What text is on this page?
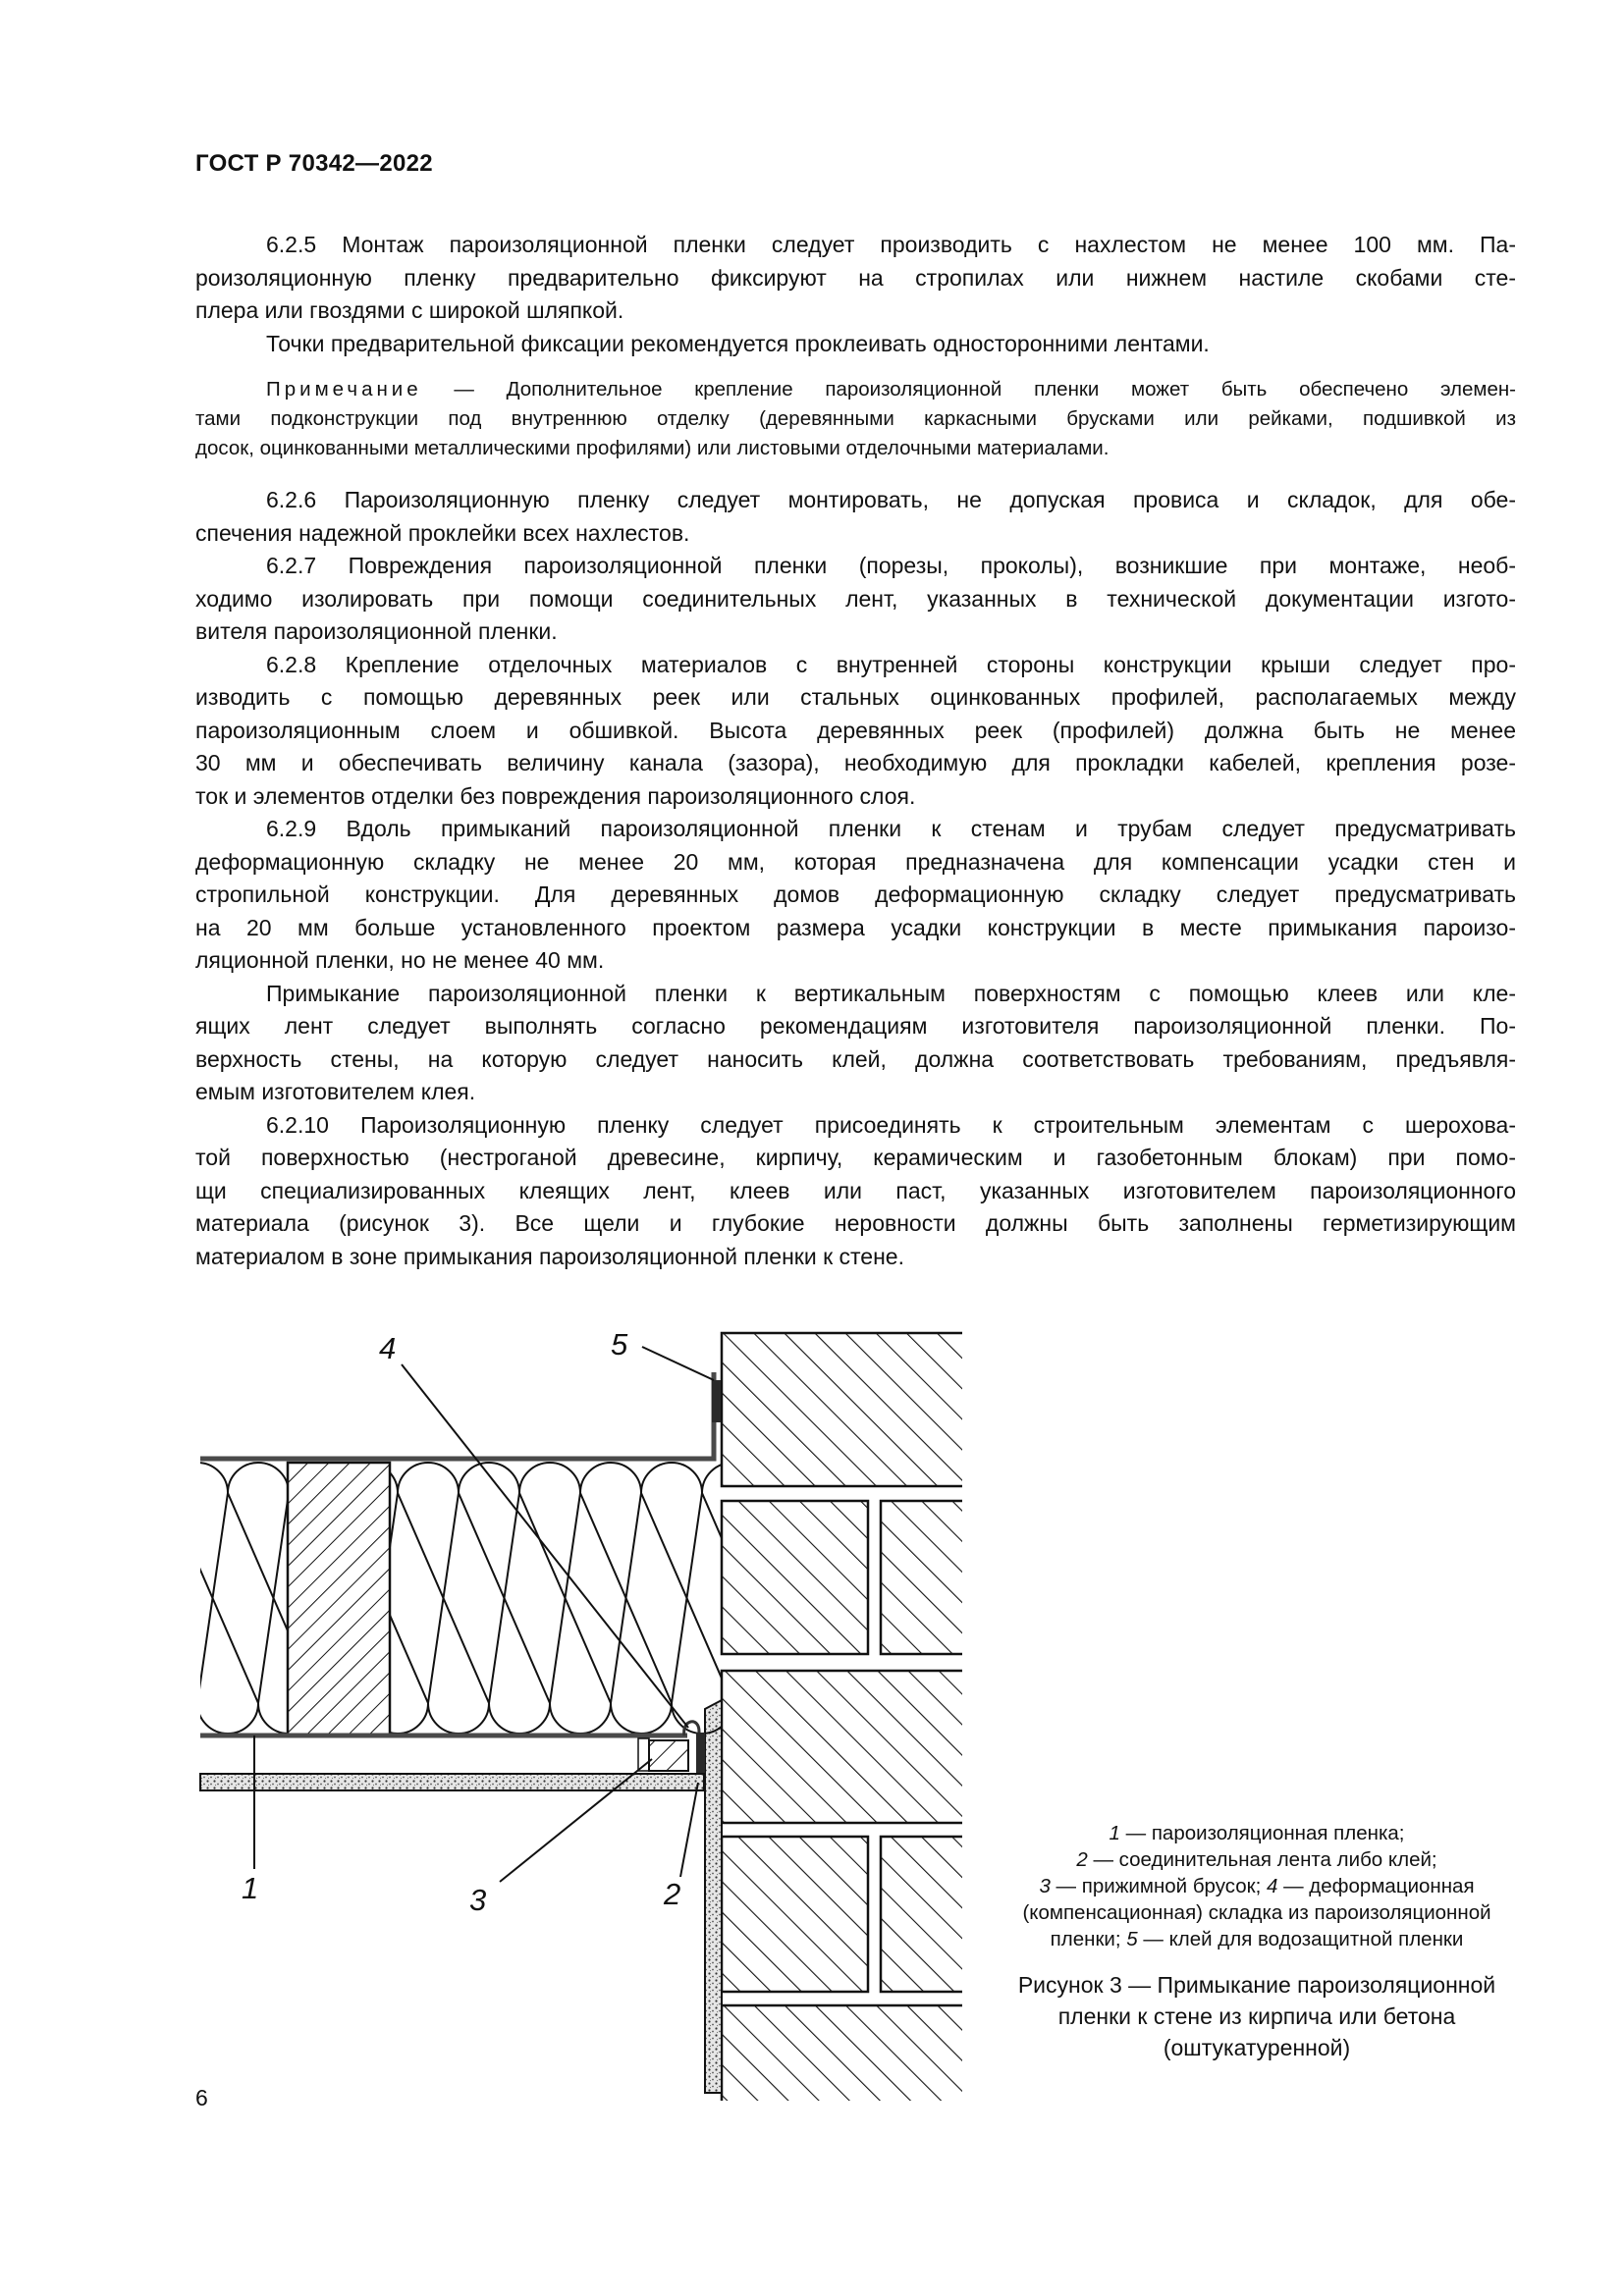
ГОСТ Р 70342—2022
6.2.5 Монтаж пароизоляционной пленки следует производить с нахлестом не менее 100 мм. Па-
роизоляционную пленку предварительно фиксируют на стропилах или нижнем настиле скобами сте-
плера или гвоздями с широкой шляпкой.
Точки предварительной фиксации рекомендуется проклеивать односторонними лентами.
Примечание — Дополнительное крепление пароизоляционной пленки может быть обеспечено элемен-
тами подконструкции под внутреннюю отделку (деревянными каркасными брусками или рейками, подшивкой из
досок, оцинкованными металлическими профилями) или листовыми отделочными материалами.
6.2.6 Пароизоляционную пленку следует монтировать, не допуская провиса и складок, для обе-
спечения надежной проклейки всех нахлестов.
6.2.7 Повреждения пароизоляционной пленки (порезы, проколы), возникшие при монтаже, необ-
ходимо изолировать при помощи соединительных лент, указанных в технической документации изгото-
вителя пароизоляционной пленки.
6.2.8 Крепление отделочных материалов с внутренней стороны конструкции крыши следует про-
изводить с помощью деревянных реек или стальных оцинкованных профилей, располагаемых между
пароизоляционным слоем и обшивкой. Высота деревянных реек (профилей) должна быть не менее
30 мм и обеспечивать величину канала (зазора), необходимую для прокладки кабелей, крепления розе-
ток и элементов отделки без повреждения пароизоляционного слоя.
6.2.9 Вдоль примыканий пароизоляционной пленки к стенам и трубам следует предусматривать
деформационную складку не менее 20 мм, которая предназначена для компенсации усадки стен и
стропильной конструкции. Для деревянных домов деформационную складку следует предусматривать
на 20 мм больше установленного проектом размера усадки конструкции в месте примыкания пароизо-
ляционной пленки, но не менее 40 мм.
Примыкание пароизоляционной пленки к вертикальным поверхностям с помощью клеев или кле-
ящих лент следует выполнять согласно рекомендациям изготовителя пароизоляционной пленки. По-
верхность стены, на которую следует наносить клей, должна соответствовать требованиям, предъявля-
емым изготовителем клея.
6.2.10 Пароизоляционную пленку следует присоединять к строительным элементам с шерохова-
той поверхностью (нестроганой древесине, кирпичу, керамическим и газобетонным блокам) при помо-
щи специализированных клеящих лент, клеев или паст, указанных изготовителем пароизоляционного
материала (рисунок 3). Все щели и глубокие неровности должны быть заполнены герметизирующим
материалом в зоне примыкания пароизоляционной пленки к стене.
4	5
1	3	2
1 — пароизоляционная пленка;
2 — соединительная лента либо клей;
3 — прижимной брусок; 4 — деформационная
(компенсационная) складка из пароизоляционной
пленки; 5 — клей для водозащитной пленки
Рисунок 3 — Примыкание пароизоляционной
пленки к стене из кирпича или бетона
(оштукатуренной)
6
